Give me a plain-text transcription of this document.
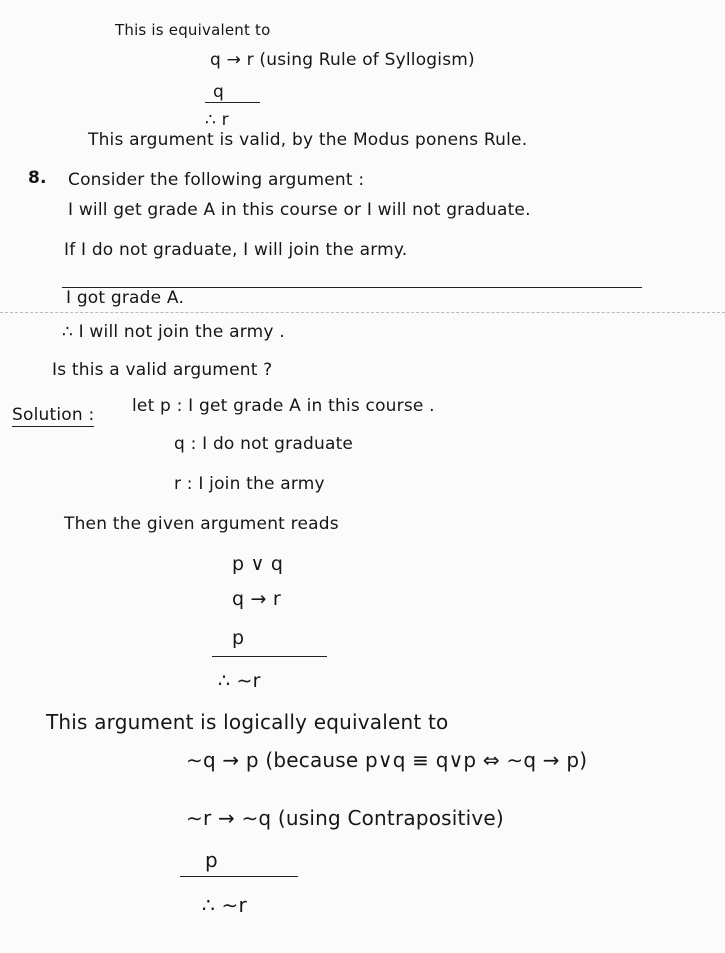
This is equivalent to
q → r (using Rule of Syllogism)
q
∴ r
This argument is valid, by the Modus ponens Rule.
8. Consider the following argument :
I will get grade A in this course or I will not graduate.
If I do not graduate, I will join the army.
I got grade A.
∴ I will not join the army .
Is this a valid argument ?
Solution : let p : I get grade A in this course .
q : I do not graduate
r : I join the army
Then the given argument reads
p ∨ q
q → r
p
∴ ∼r
This argument is logically equivalent to
∼q → p (because p∨q ≡ q∨p ⇔ ∼q → p)
∼r → ∼q (using Contrapositive)
p
∴ ∼r
